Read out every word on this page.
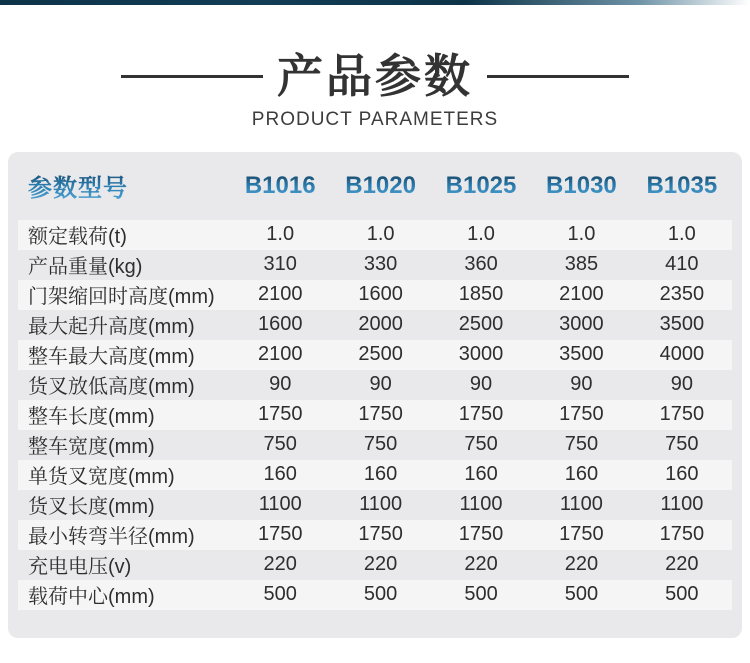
产品参数
PRODUCT PARAMETERS
参数型号	B1016	B1020	B1025	B1030	B1035
额定载荷(t)	1.0	1.0	1.0	1.0	1.0
产品重量(kg)	310	330	360	385	410
门架缩回时高度(mm)	2100	1600	1850	2100	2350
最大起升高度(mm)	1600	2000	2500	3000	3500
整车最大高度(mm)	2100	2500	3000	3500	4000
货叉放低高度(mm)	90	90	90	90	90
整车长度(mm)	1750	1750	1750	1750	1750
整车宽度(mm)	750	750	750	750	750
单货叉宽度(mm)	160	160	160	160	160
货叉长度(mm)	1100	1100	1100	1100	1100
最小转弯半径(mm)	1750	1750	1750	1750	1750
充电电压(v)	220	220	220	220	220
载荷中心(mm)	500	500	500	500	500
